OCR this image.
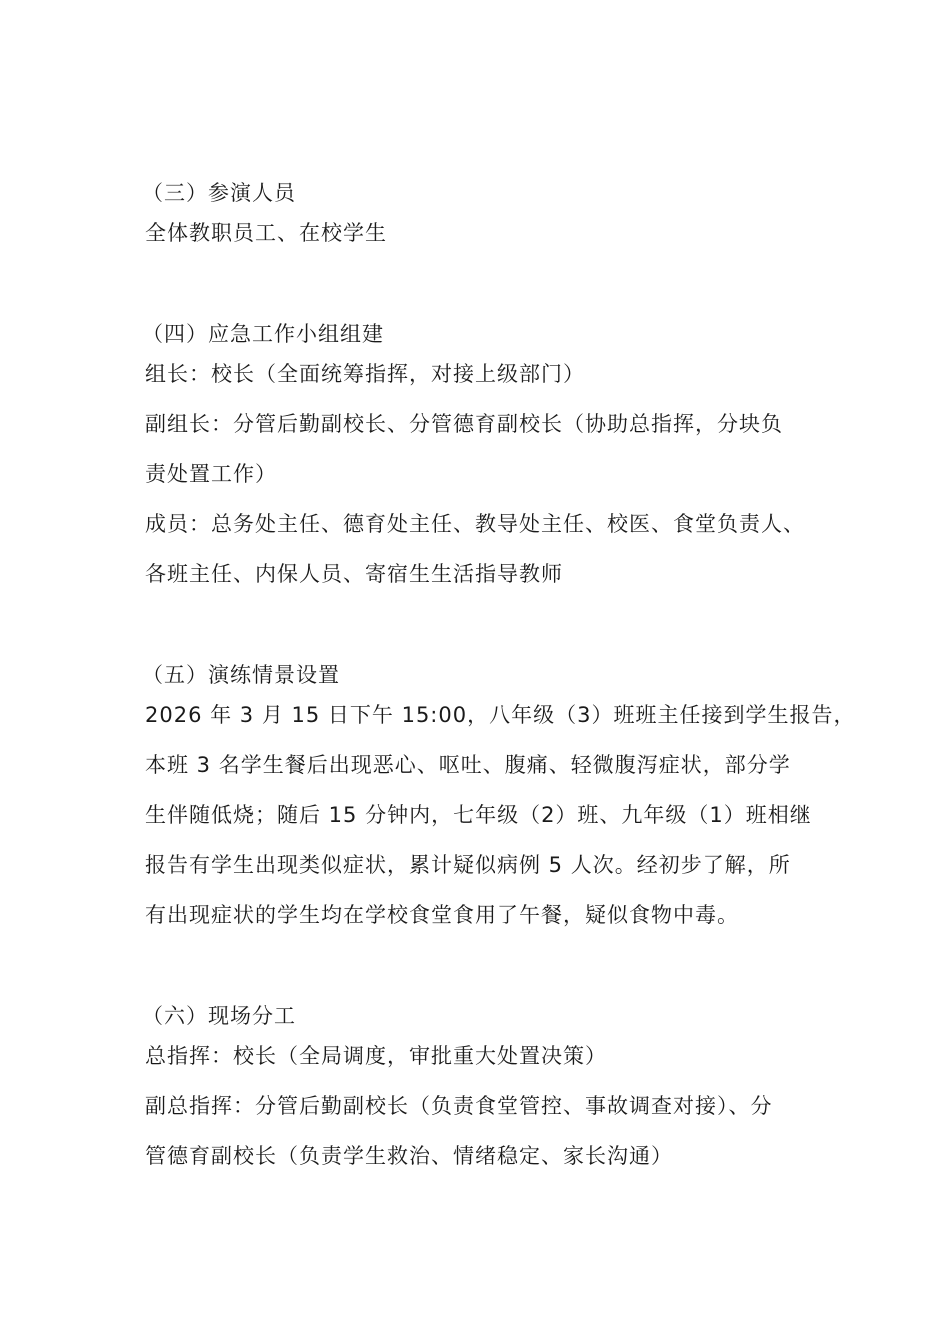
（三）参演人员
全体教职员工、在校学生
（四）应急工作小组组建
组长：校长（全面统筹指挥，对接上级部门）
副组长：分管后勤副校长、分管德育副校长（协助总指挥，分块负
责处置工作）
成员：总务处主任、德育处主任、教导处主任、校医、食堂负责人、
各班主任、内保人员、寄宿生生活指导教师
（五）演练情景设置
2026 年 3 月 15 日下午 15:00，八年级（3）班班主任接到学生报告，
本班 3 名学生餐后出现恶心、呕吐、腹痛、轻微腹泻症状，部分学
生伴随低烧；随后 15 分钟内，七年级（2）班、九年级（1）班相继
报告有学生出现类似症状，累计疑似病例 5 人次。经初步了解，所
有出现症状的学生均在学校食堂食用了午餐，疑似食物中毒。
（六）现场分工
总指挥：校长（全局调度，审批重大处置决策）
副总指挥：分管后勤副校长（负责食堂管控、事故调查对接）、分
管德育副校长（负责学生救治、情绪稳定、家长沟通）
